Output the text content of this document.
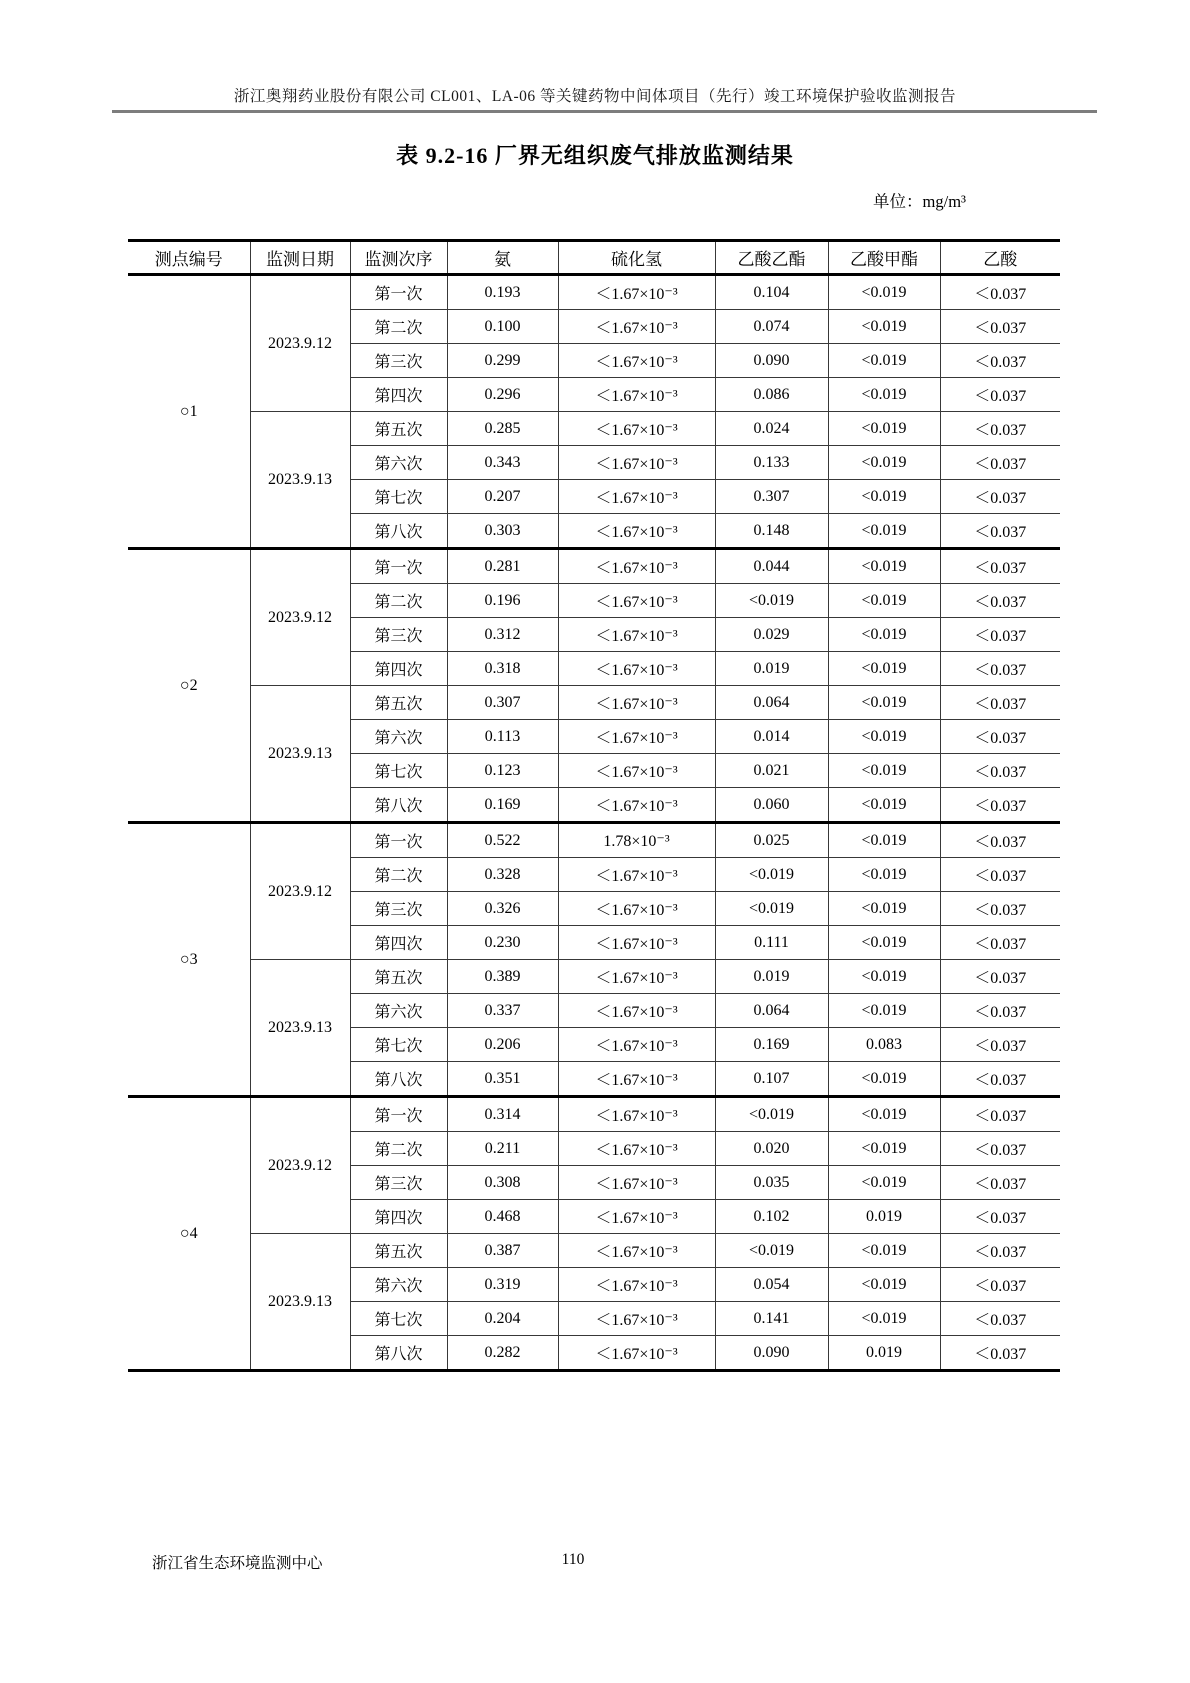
浙江奥翔药业股份有限公司 CL001、LA-06 等关键药物中间体项目（先行）竣工环境保护验收监测报告
表 9.2-16 厂界无组织废气排放监测结果
单位：mg/m³
测点编号	监测日期	监测次序	氨	硫化氢	乙酸乙酯	乙酸甲酯	乙酸
○1	2023.9.12	第一次	0.193	＜1.67×10⁻³	0.104	<0.019	＜0.037
		第二次	0.100	＜1.67×10⁻³	0.074	<0.019	＜0.037
		第三次	0.299	＜1.67×10⁻³	0.090	<0.019	＜0.037
		第四次	0.296	＜1.67×10⁻³	0.086	<0.019	＜0.037
	2023.9.13	第五次	0.285	＜1.67×10⁻³	0.024	<0.019	＜0.037
		第六次	0.343	＜1.67×10⁻³	0.133	<0.019	＜0.037
		第七次	0.207	＜1.67×10⁻³	0.307	<0.019	＜0.037
		第八次	0.303	＜1.67×10⁻³	0.148	<0.019	＜0.037
○2	2023.9.12	第一次	0.281	＜1.67×10⁻³	0.044	<0.019	＜0.037
		第二次	0.196	＜1.67×10⁻³	<0.019	<0.019	＜0.037
		第三次	0.312	＜1.67×10⁻³	0.029	<0.019	＜0.037
		第四次	0.318	＜1.67×10⁻³	0.019	<0.019	＜0.037
	2023.9.13	第五次	0.307	＜1.67×10⁻³	0.064	<0.019	＜0.037
		第六次	0.113	＜1.67×10⁻³	0.014	<0.019	＜0.037
		第七次	0.123	＜1.67×10⁻³	0.021	<0.019	＜0.037
		第八次	0.169	＜1.67×10⁻³	0.060	<0.019	＜0.037
○3	2023.9.12	第一次	0.522	1.78×10⁻³	0.025	<0.019	＜0.037
		第二次	0.328	＜1.67×10⁻³	<0.019	<0.019	＜0.037
		第三次	0.326	＜1.67×10⁻³	<0.019	<0.019	＜0.037
		第四次	0.230	＜1.67×10⁻³	0.111	<0.019	＜0.037
	2023.9.13	第五次	0.389	＜1.67×10⁻³	0.019	<0.019	＜0.037
		第六次	0.337	＜1.67×10⁻³	0.064	<0.019	＜0.037
		第七次	0.206	＜1.67×10⁻³	0.169	0.083	＜0.037
		第八次	0.351	＜1.67×10⁻³	0.107	<0.019	＜0.037
○4	2023.9.12	第一次	0.314	＜1.67×10⁻³	<0.019	<0.019	＜0.037
		第二次	0.211	＜1.67×10⁻³	0.020	<0.019	＜0.037
		第三次	0.308	＜1.67×10⁻³	0.035	<0.019	＜0.037
		第四次	0.468	＜1.67×10⁻³	0.102	0.019	＜0.037
	2023.9.13	第五次	0.387	＜1.67×10⁻³	<0.019	<0.019	＜0.037
		第六次	0.319	＜1.67×10⁻³	0.054	<0.019	＜0.037
		第七次	0.204	＜1.67×10⁻³	0.141	<0.019	＜0.037
		第八次	0.282	＜1.67×10⁻³	0.090	0.019	＜0.037
浙江省生态环境监测中心	110
